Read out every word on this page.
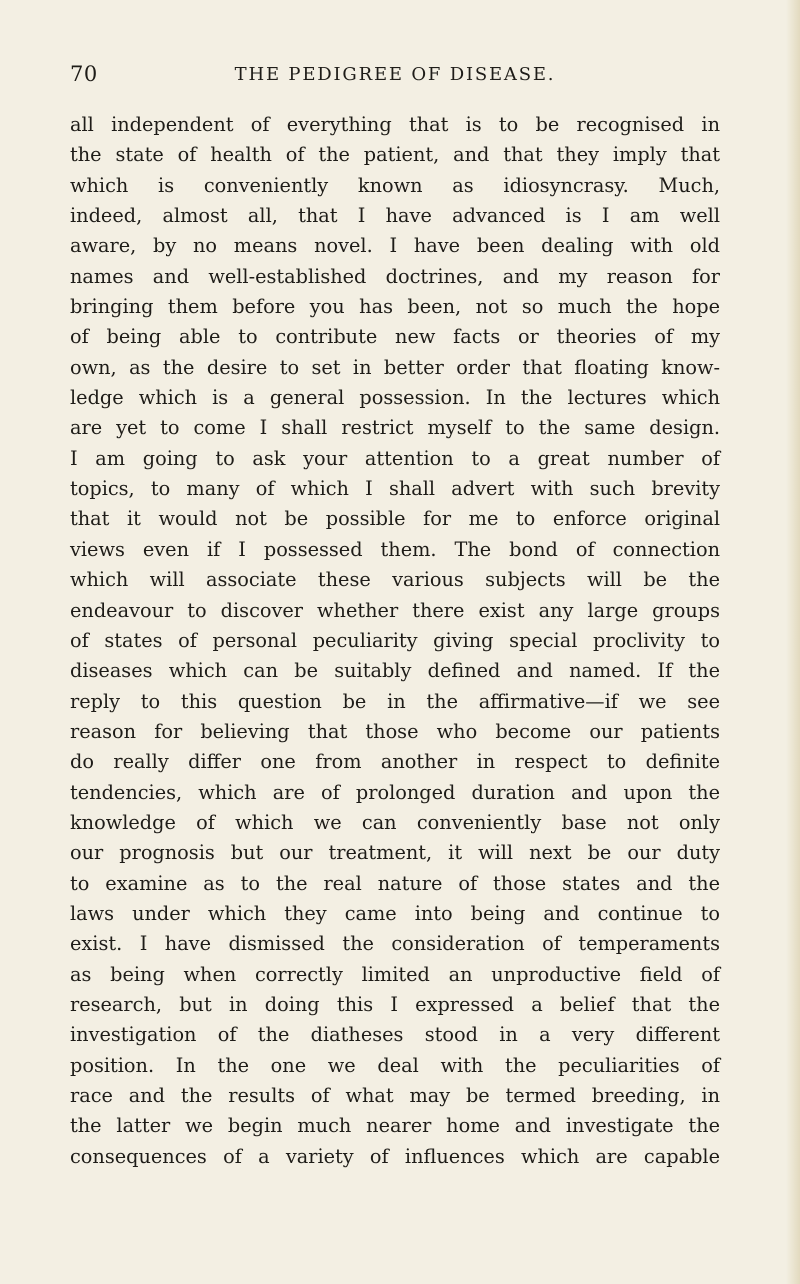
70	THE PEDIGREE OF DISEASE.
all independent of everything that is to be recognised in
the state of health of the patient, and that they imply that
which is conveniently known as idiosyncrasy. Much,
indeed, almost all, that I have advanced is I am well
aware, by no means novel. I have been dealing with old
names and well-established doctrines, and my reason for
bringing them before you has been, not so much the hope
of being able to contribute new facts or theories of my
own, as the desire to set in better order that floating know-
ledge which is a general possession. In the lectures which
are yet to come I shall restrict myself to the same design.
I am going to ask your attention to a great number of
topics, to many of which I shall advert with such brevity
that it would not be possible for me to enforce original
views even if I possessed them. The bond of connection
which will associate these various subjects will be the
endeavour to discover whether there exist any large groups
of states of personal peculiarity giving special proclivity to
diseases which can be suitably defined and named. If the
reply to this question be in the affirmative—if we see
reason for believing that those who become our patients
do really differ one from another in respect to definite
tendencies, which are of prolonged duration and upon the
knowledge of which we can conveniently base not only
our prognosis but our treatment, it will next be our duty
to examine as to the real nature of those states and the
laws under which they came into being and continue to
exist. I have dismissed the consideration of temperaments
as being when correctly limited an unproductive field of
research, but in doing this I expressed a belief that the
investigation of the diatheses stood in a very different
position. In the one we deal with the peculiarities of
race and the results of what may be termed breeding, in
the latter we begin much nearer home and investigate the
consequences of a variety of influences which are capable
